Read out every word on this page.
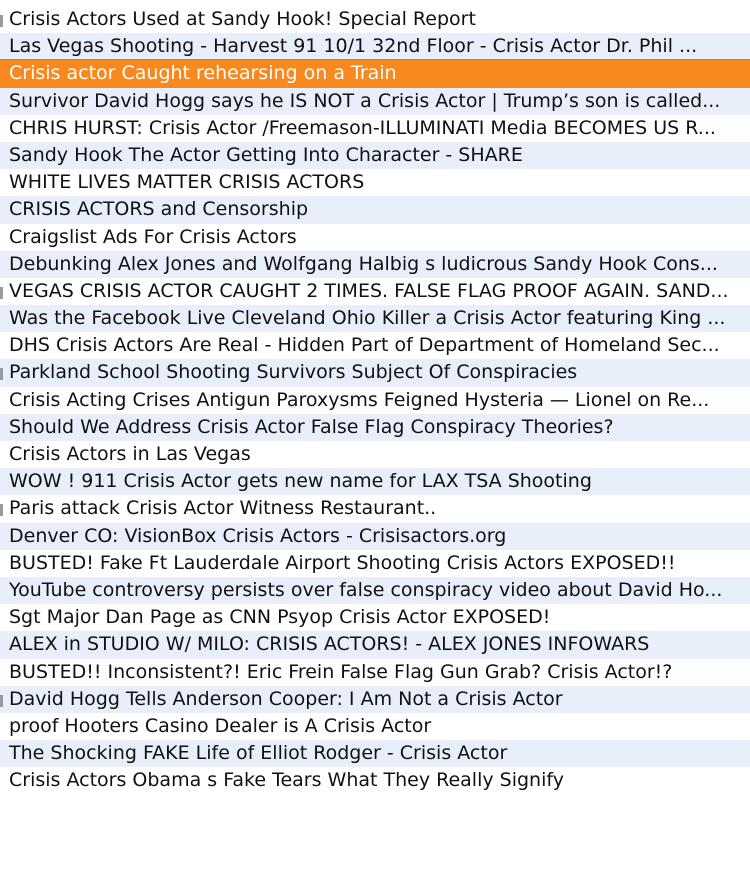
Crisis Actors Used at Sandy Hook! Special Report
Las Vegas Shooting - Harvest 91 10/1 32nd Floor - Crisis Actor Dr. Phil ...
Crisis actor Caught rehearsing on a Train
Survivor David Hogg says he IS NOT a Crisis Actor | Trump’s son is called...
CHRIS HURST: Crisis Actor /Freemason-ILLUMINATI Media BECOMES US R...
Sandy Hook The Actor Getting Into Character - SHARE
WHITE LIVES MATTER CRISIS ACTORS
CRISIS ACTORS and Censorship
Craigslist Ads For Crisis Actors
Debunking Alex Jones and Wolfgang Halbig s ludicrous Sandy Hook Cons...
VEGAS CRISIS ACTOR CAUGHT 2 TIMES. FALSE FLAG PROOF AGAIN. SAND...
Was the Facebook Live Cleveland Ohio Killer a Crisis Actor featuring King ...
DHS Crisis Actors Are Real - Hidden Part of Department of Homeland Sec...
Parkland School Shooting Survivors Subject Of Conspiracies
Crisis Acting Crises Antigun Paroxysms Feigned Hysteria — Lionel on Re...
Should We Address Crisis Actor False Flag Conspiracy Theories?
Crisis Actors in Las Vegas
WOW ! 911 Crisis Actor gets new name for LAX TSA Shooting
Paris attack Crisis Actor Witness Restaurant..
Denver CO: VisionBox Crisis Actors - Crisisactors.org
BUSTED! Fake Ft Lauderdale Airport Shooting Crisis Actors EXPOSED!!
YouTube controversy persists over false conspiracy video about David Ho...
Sgt Major Dan Page as CNN Psyop Crisis Actor EXPOSED!
ALEX in STUDIO W/ MILO: CRISIS ACTORS! - ALEX JONES INFOWARS
BUSTED!! Inconsistent?! Eric Frein False Flag Gun Grab? Crisis Actor!?
David Hogg Tells Anderson Cooper: I Am Not a Crisis Actor
proof Hooters Casino Dealer is A Crisis Actor
The Shocking FAKE Life of Elliot Rodger - Crisis Actor
Crisis Actors Obama s Fake Tears What They Really Signify
